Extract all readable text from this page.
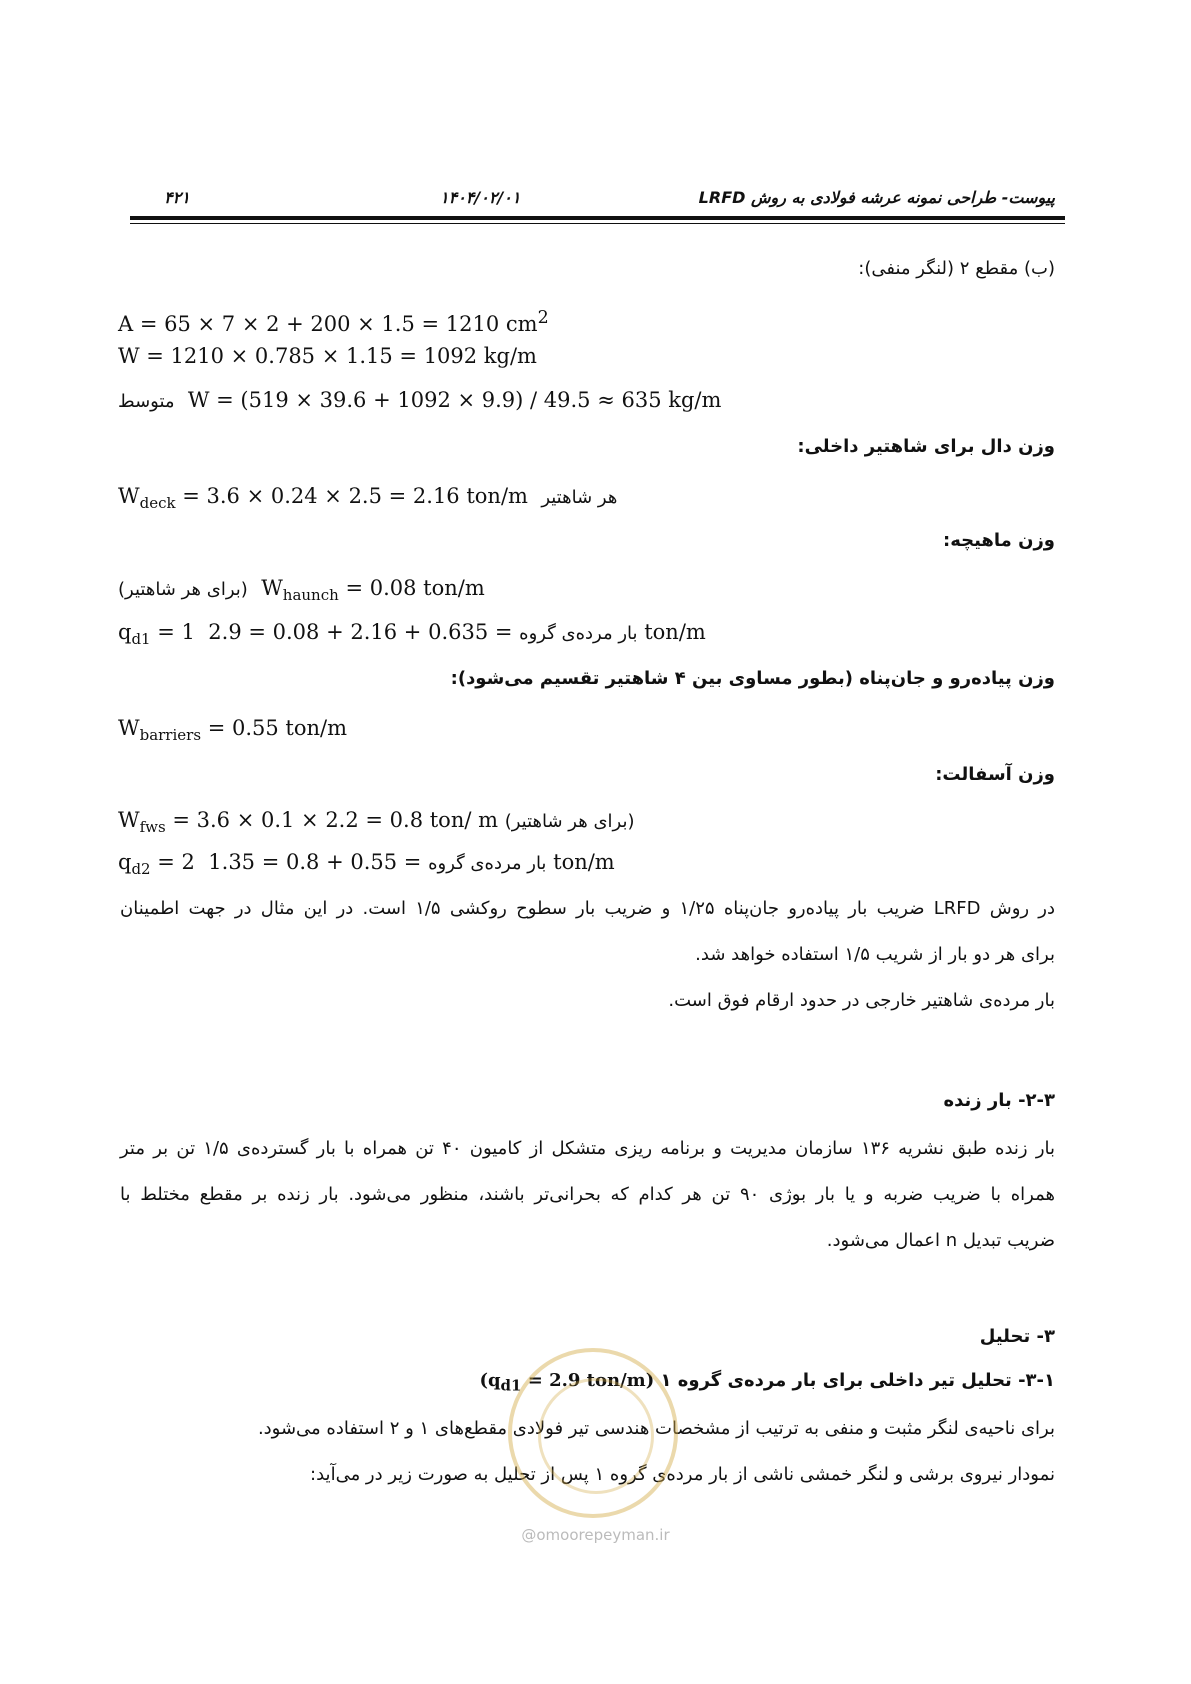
۴۲۱	۱۴۰۴/۰۲/۰۱	پیوست- طراحی نمونه عرشه فولادی به روش LRFD
(ب) مقطع ۲ (لنگر منفی):
A = 65 × 7 × 2 + 200 × 1.5 = 1210 $cm^2$
W = 1210 × 0.785 × 1.15 = 1092 kg/m
متوسط W = (519 × 39.6 + 1092 × 9.9) / 49.5 ≈ 635 kg/m
وزن دال برای شاهتیر داخلی:
$W_{deck} = 3.6 \times 0.24 \times 2.5 = 2.16$ ton/m هر شاهتیر
وزن ماهیچه:
(برای هر شاهتیر) $W_{haunch} = 0.08$ ton/m
$q_{d1} = 1$	بار مرده‌ی گروه = 0.635 + 2.16 + 0.08 = 2.9 ton/m
وزن پیاده‌رو و جان‌پناه (بطور مساوی بین ۴ شاهتیر تقسیم می‌شود):
$W_{barriers} = 0.55$ ton/m
وزن آسفالت:
$W_{fws} = 3.6 \times 0.1 \times 2.2 = 0.8$ ton/ m (برای هر شاهتیر)
$q_{d2} = 2$	بار مرده‌ی گروه = 0.55 + 0.8 = 1.35 ton/m
در روش LRFD ضریب بار پیاده‌رو جان‌پناه ۱/۲۵ و ضریب بار سطوح روکشی ۱/۵ است. در این مثال در جهت اطمینان
برای هر دو بار از شریب ۱/۵ استفاده خواهد شد.
بار مرده‌ی شاهتیر خارجی در حدود ارقام فوق است.
۲-۳- بار زنده
بار زنده طبق نشریه ۱۳۶ سازمان مدیریت و برنامه ریزی متشکل از کامیون ۴۰ تن همراه با بار گسترده‌ی ۱/۵ تن بر متر
همراه با ضریب ضربه و یا بار بوژی ۹۰ تن هر کدام که بحرانی‌تر باشند، منظور می‌شود. بار زنده بر مقطع مختلط با
ضریب تبدیل n اعمال می‌شود.
۳- تحلیل
۳-۱- تحلیل تیر داخلی برای بار مرده‌ی گروه ۱ ($q_{d1} = 2.9$ ton/m)
برای ناحیه‌ی لنگر مثبت و منفی به ترتیب از مشخصات هندسی تیر فولادی مقطع‌های ۱ و ۲ استفاده می‌شود.
نمودار نیروی برشی و لنگر خمشی ناشی از بار مرده‌ی گروه ۱ پس از تحلیل به صورت زیر در می‌آید:
@omoorepeyman.ir
